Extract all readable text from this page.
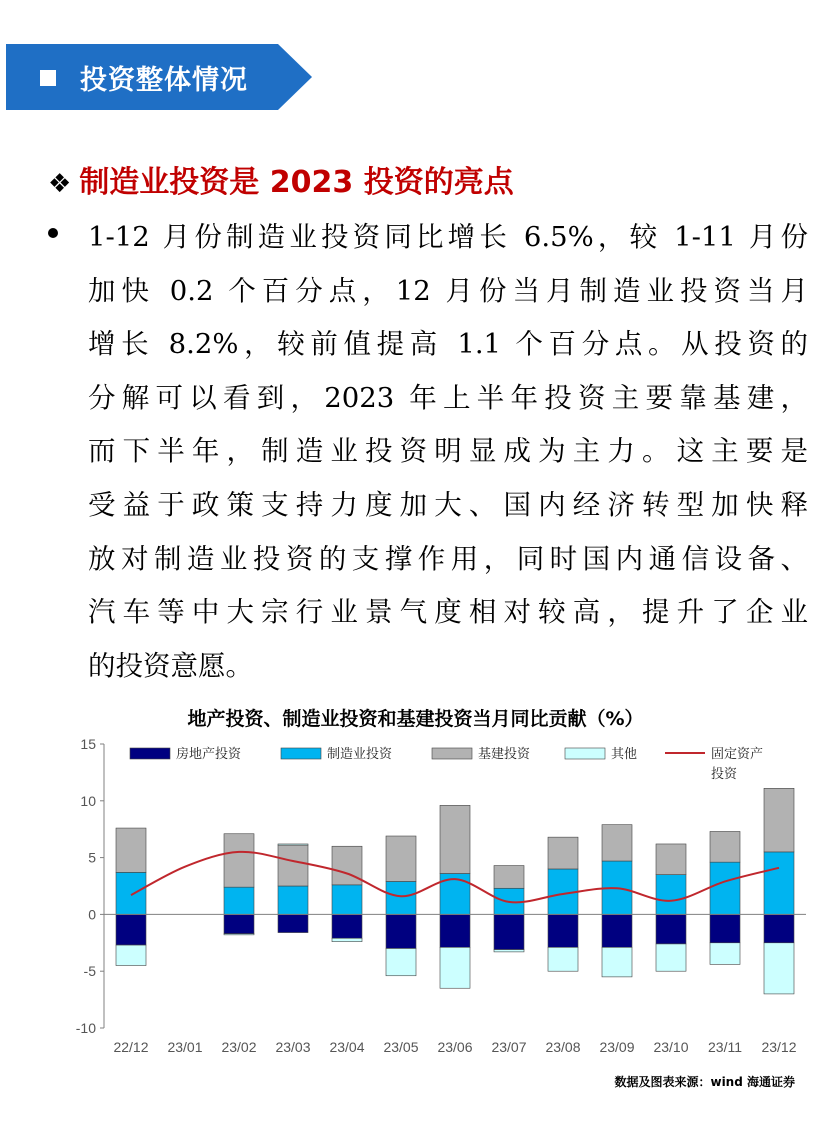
投资整体情况
❖ 制造业投资是 2023 投资的亮点
1-12 月份制造业投资同比增长 6.5%，较 1-11 月份
加快 0.2 个百分点，12 月份当月制造业投资当月
增长 8.2%，较前值提高 1.1 个百分点。从投资的
分解可以看到，2023 年上半年投资主要靠基建，
而下半年，制造业投资明显成为主力。这主要是
受益于政策支持力度加大、国内经济转型加快释
放对制造业投资的支撑作用，同时国内通信设备、
汽车等中大宗行业景气度相对较高，提升了企业
的投资意愿。
地产投资、制造业投资和基建投资当月同比贡献（%）
-10
-5
0
5
10
15
22/12 23/01 23/02 23/03 23/04 23/05 23/06 23/07 23/08 23/09 23/10 23/11 23/12
房地产投资	制造业投资	基建投资	其他	固定资产
投资
数据及图表来源：wind 海通证券
